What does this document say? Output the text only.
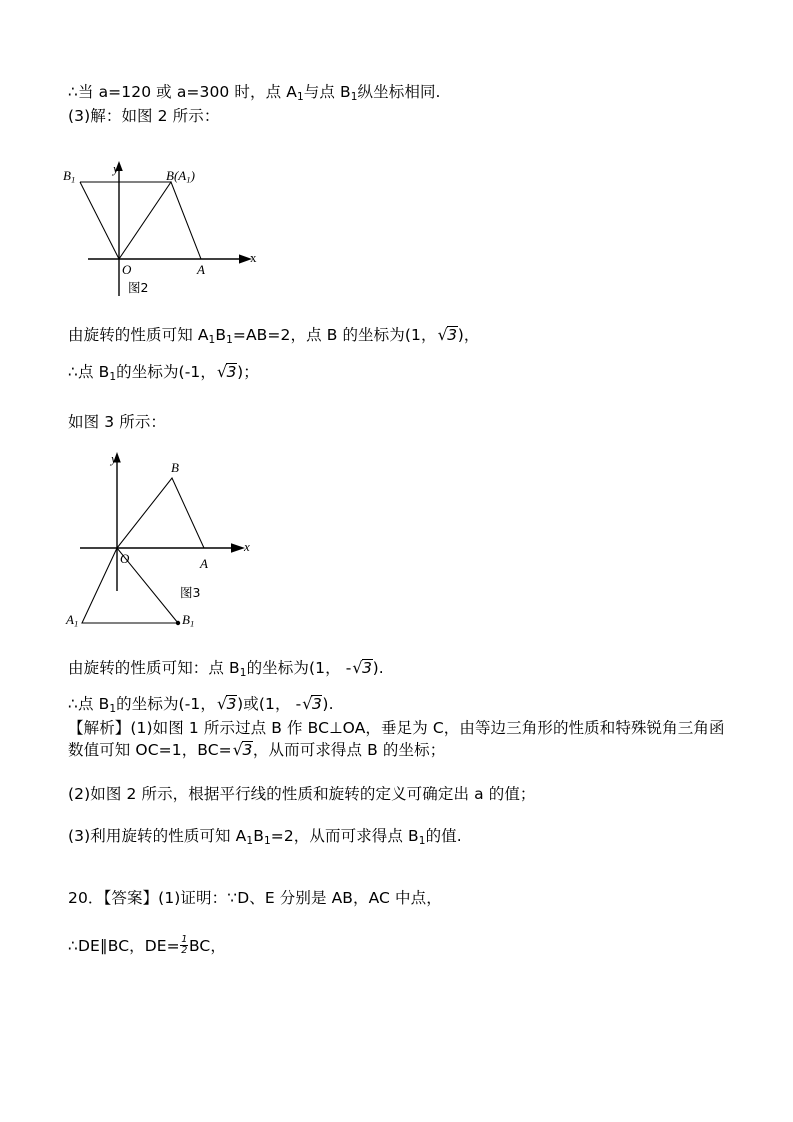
∴当 a=120 或 a=300 时，点 $A_1$与点 $B_1$纵坐标相同.
(3)解：如图 2 所示：
$B_1$
y	$B(A_1)$
x
O	A
图2
由旋转的性质可知 $A_1B_1=AB=2$，点 B 的坐标为(1，√3)，
∴点 $B_1$的坐标为(-1，√3)；
如图 3 所示：
y
B
x
O	A
$A_1$	$B_1$
图3
由旋转的性质可知：点 $B_1$的坐标为(1， -√3).
∴点 $B_1$的坐标为(-1，√3)或(1， -√3).
【解析】(1)如图 1 所示过点 B 作 BC⊥OA，垂足为 C，由等边三角形的性质和特殊锐角三角函
数值可知 OC=1，BC=√3，从而可求得点 B 的坐标；
(2)如图 2 所示，根据平行线的性质和旋转的定义可确定出 a 的值；
(3)利用旋转的性质可知 $A_1B_1=2$，从而可求得点 $B_1$的值.
20．【答案】(1)证明：∵D、E 分别是 AB，AC 中点，
∴DE∥BC，$DE= \frac{1}{2}$ BC，
